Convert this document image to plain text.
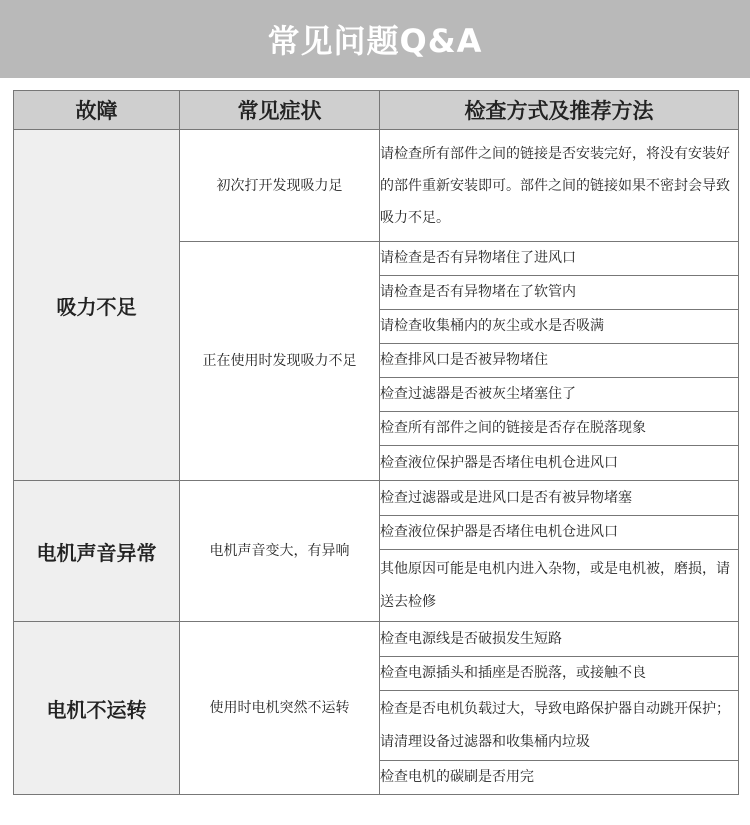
常见问题Q&A
故障	常见症状	检查方式及推荐方法
吸力不足	初次打开发现吸力足	请检查所有部件之间的链接是否安装完好，将没有安装好的部件重新安装即可。部件之间的链接如果不密封会导致吸力不足。
	正在使用时发现吸力不足	请检查是否有异物堵住了进风口
		请检查是否有异物堵在了软管内
		请检查收集桶内的灰尘或水是否吸满
		检查排风口是否被异物堵住
		检查过滤器是否被灰尘堵塞住了
		检查所有部件之间的链接是否存在脱落现象
		检查液位保护器是否堵住电机仓进风口
电机声音异常	电机声音变大，有异响	检查过滤器或是进风口是否有被异物堵塞
		检查液位保护器是否堵住电机仓进风口
		其他原因可能是电机内进入杂物，或是电机被，磨损，请送去检修
电机不运转	使用时电机突然不运转	检查电源线是否破损发生短路
		检查电源插头和插座是否脱落，或接触不良
		检查是否电机负载过大，导致电路保护器自动跳开保护；请清理设备过滤器和收集桶内垃圾
		检查电机的碳刷是否用完
